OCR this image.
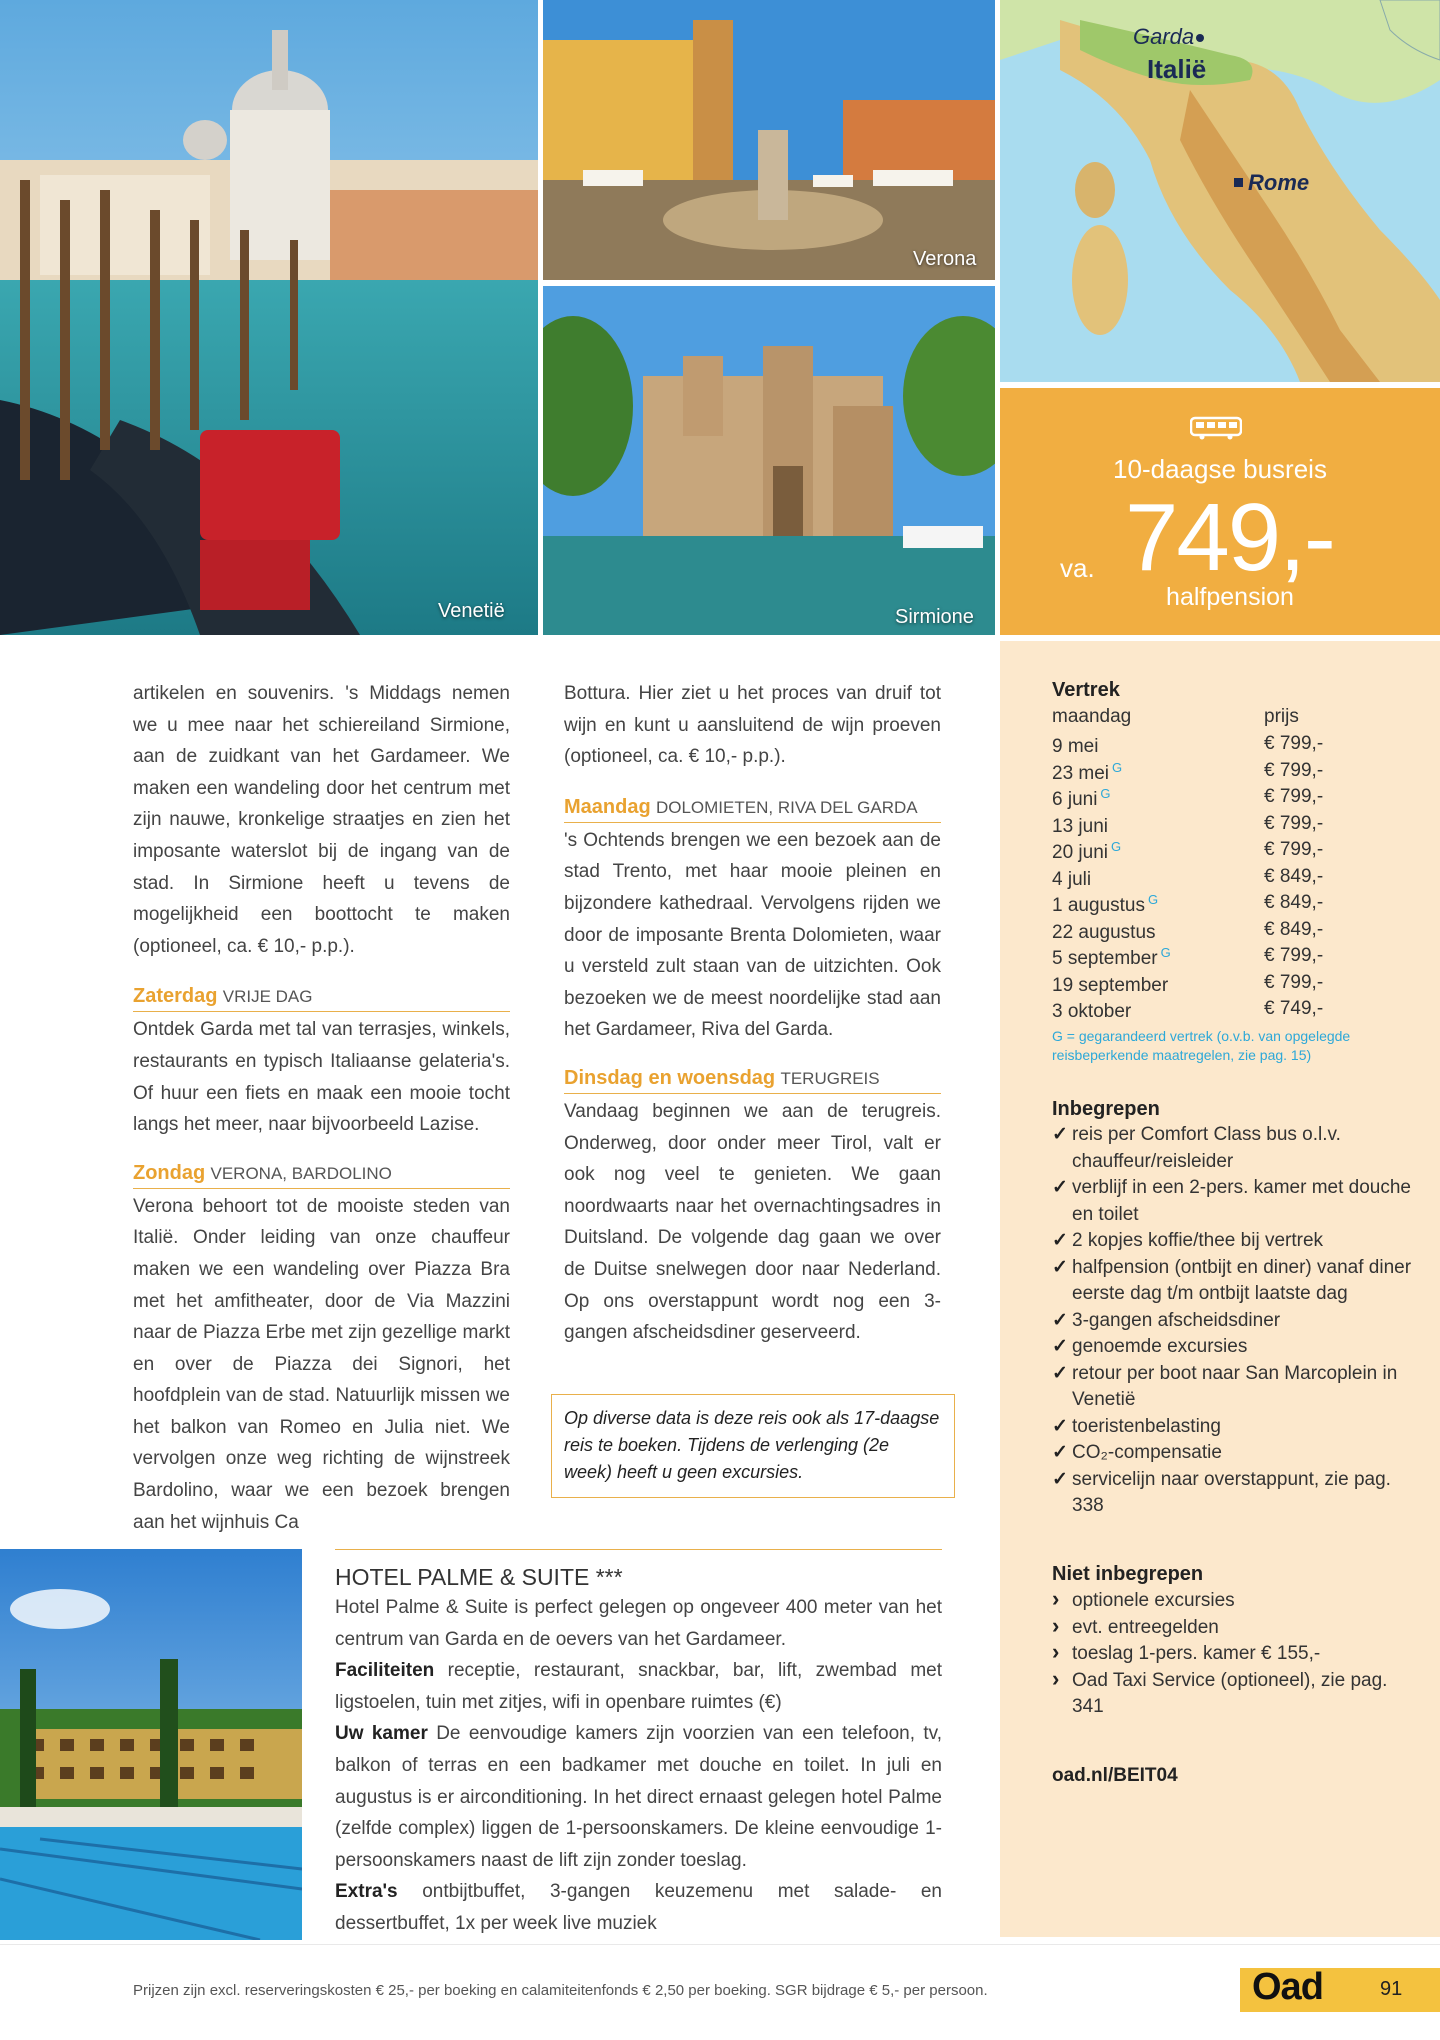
Venetië
Verona
Sirmione
Garda
Italië
Rome
10-daagse busreis
va. 749,-
halfpension
Vertrek
maandag	prijs
9 mei	€ 799,-
23 mei $^G$	€ 799,-
6 juni $^G$	€ 799,-
13 juni	€ 799,-
20 juni $^G$	€ 799,-
4 juli	€ 849,-
1 augustus $^G$	€ 849,-
22 augustus	€ 849,-
5 september $^G$	€ 799,-
19 september	€ 799,-
3 oktober	€ 749,-
G = gegarandeerd vertrek (o.v.b. van opgelegde reisbeperkende maatregelen, zie pag. 15)
Inbegrepen
✓ reis per Comfort Class bus o.l.v. chauffeur/reisleider
✓ verblijf in een 2-pers. kamer met douche en toilet
✓ 2 kopjes koffie/thee bij vertrek
✓ halfpension (ontbijt en diner) vanaf diner eerste dag t/m ontbijt laatste dag
✓ 3-gangen afscheidsdiner
✓ genoemde excursies
✓ retour per boot naar San Marcoplein in Venetië
✓ toeristenbelasting
✓ CO₂-compensatie
✓ servicelijn naar overstappunt, zie pag. 338
Niet inbegrepen
› optionele excursies
› evt. entreegelden
› toeslag 1-pers. kamer € 155,-
› Oad Taxi Service (optioneel), zie pag. 341
oad.nl/BEIT04

artikelen en souvenirs. 's Middags nemen we u mee naar het schiereiland Sirmione, aan de zuidkant van het Gardameer. We maken een wandeling door het centrum met zijn nauwe, kronkelige straatjes en zien het imposante waterslot bij de ingang van de stad. In Sirmione heeft u tevens de mogelijkheid een boottocht te maken (optioneel, ca. € 10,- p.p.).

Zaterdag VRIJE DAG

Ontdek Garda met tal van terrasjes, winkels, restaurants en typisch Italiaanse gelateria's. Of huur een fiets en maak een mooie tocht langs het meer, naar bijvoorbeeld Lazise.

Zondag VERONA, BARDOLINO

Verona behoort tot de mooiste steden van Italië. Onder leiding van onze chauffeur maken we een wandeling over Piazza Bra met het amfitheater, door de Via Mazzini naar de Piazza Erbe met zijn gezellige markt en over de Piazza dei Signori, het hoofdplein van de stad. Natuurlijk missen we het balkon van Romeo en Julia niet. We vervolgen onze weg richting de wijnstreek Bardolino, waar we een bezoek brengen aan het wijnhuis Ca

Bottura. Hier ziet u het proces van druif tot wijn en kunt u aansluitend de wijn proeven (optioneel, ca. € 10,- p.p.).

Maandag DOLOMIETEN, RIVA DEL GARDA

's Ochtends brengen we een bezoek aan de stad Trento, met haar mooie pleinen en bijzondere kathedraal. Vervolgens rijden we door de imposante Brenta Dolomieten, waar u versteld zult staan van de uitzichten. Ook bezoeken we de meest noordelijke stad aan het Gardameer, Riva del Garda.

Dinsdag en woensdag TERUGREIS

Vandaag beginnen we aan de terugreis. Onderweg, door onder meer Tirol, valt er ook nog veel te genieten. We gaan noordwaarts naar het overnachtingsadres in Duitsland. De volgende dag gaan we over de Duitse snelwegen door naar Nederland. Op ons overstappunt wordt nog een 3-gangen afscheidsdiner geserveerd.

Op diverse data is deze reis ook als 17-daagse reis te boeken. Tijdens de verlenging (2e week) heeft u geen excursies.
HOTEL PALME & SUITE ***
Hotel Palme & Suite is perfect gelegen op ongeveer 400 meter van het centrum van Garda en de oevers van het Gardameer.
Faciliteiten receptie, restaurant, snackbar, bar, lift, zwembad met ligstoelen, tuin met zitjes, wifi in openbare ruimtes (€)
Uw kamer De eenvoudige kamers zijn voorzien van een telefoon, tv, balkon of terras en een badkamer met douche en toilet. In juli en augustus is er airconditioning. In het direct ernaast gelegen hotel Palme (zelfde complex) liggen de 1-persoonskamers. De kleine eenvoudige 1-persoonskamers naast de lift zijn zonder toeslag.
Extra's ontbijtbuffet, 3-gangen keuzemenu met salade- en dessertbuffet, 1x per week live muziek
Prijzen zijn excl. reserveringskosten € 25,- per boeking en calamiteitenfonds € 2,50 per boeking. SGR bijdrage € 5,- per persoon.	Oad	91
